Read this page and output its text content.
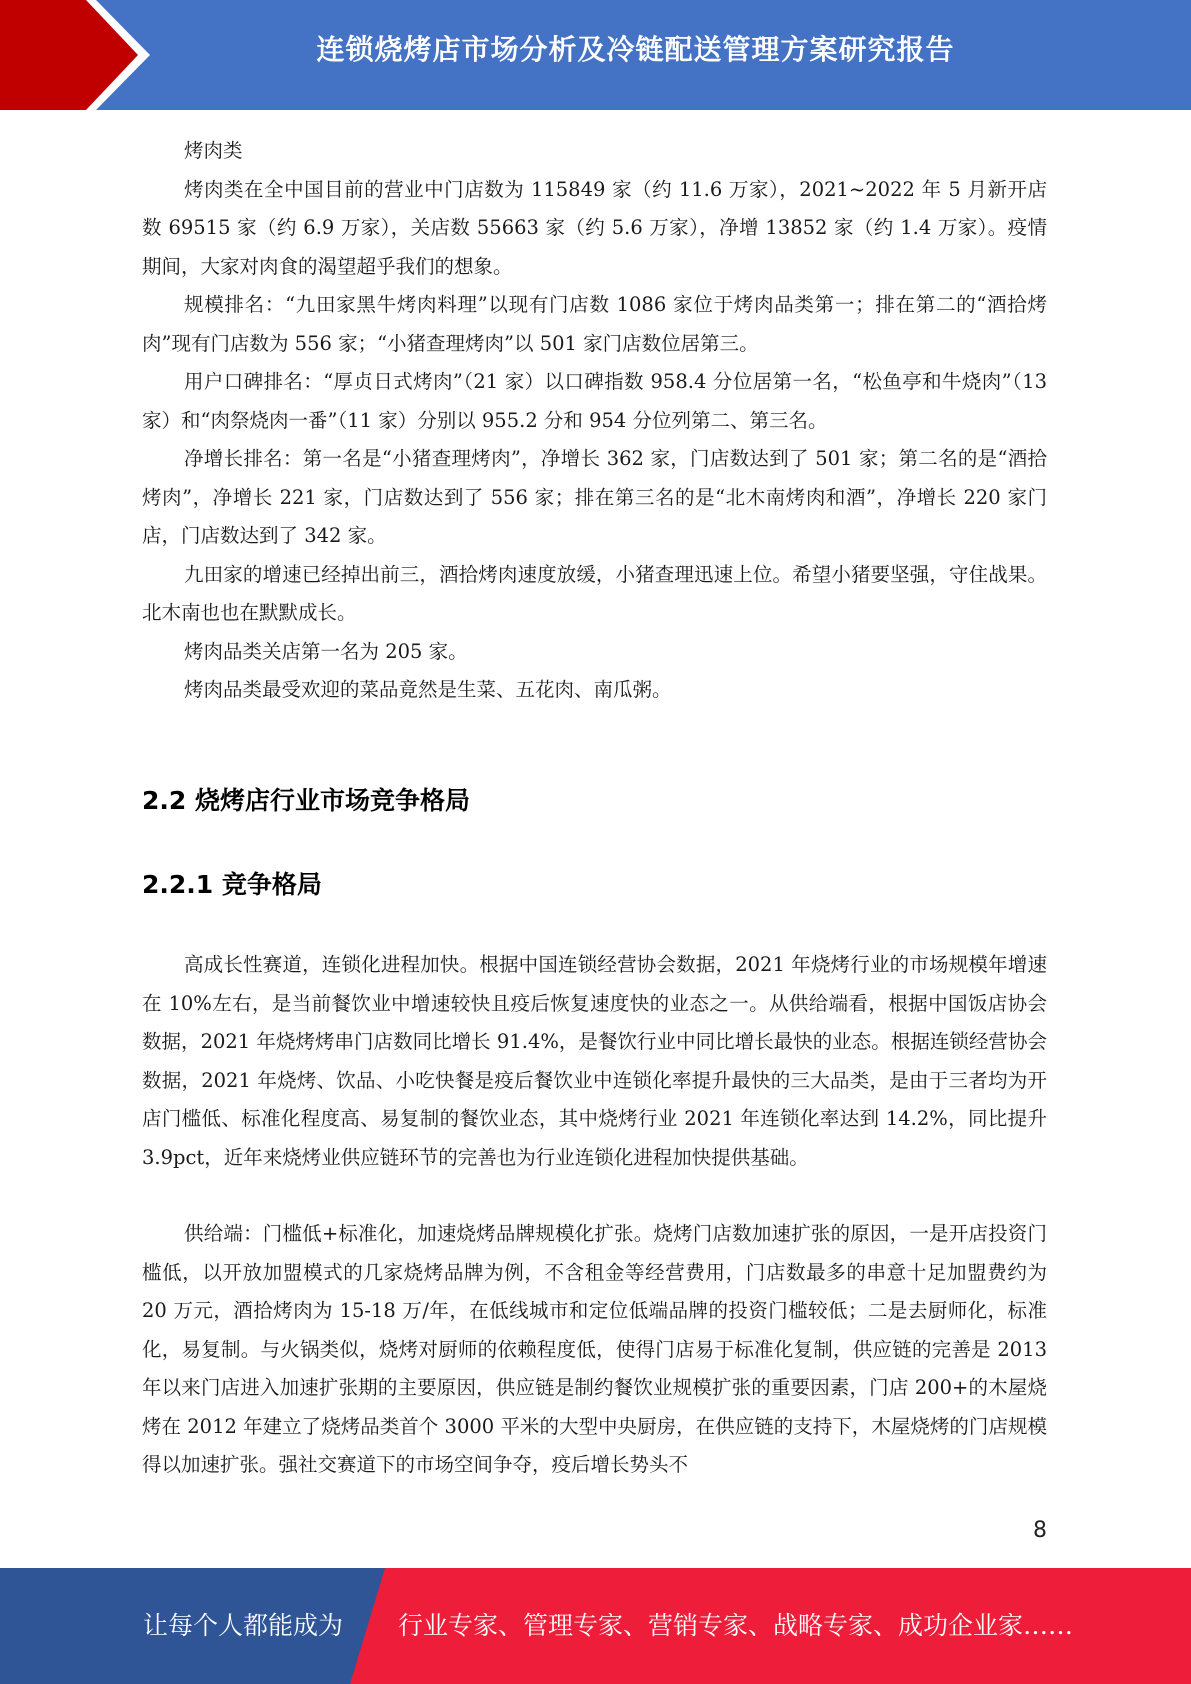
连锁烧烤店市场分析及冷链配送管理方案研究报告

烤肉类

烤肉类在全中国目前的营业中门店数为 115849 家（约 11.6 万家），2021~2022 年 5 月新开店数 69515 家（约 6.9 万家），关店数 55663 家（约 5.6 万家），净增 13852 家（约 1.4 万家）。疫情期间，大家对肉食的渴望超乎我们的想象。

规模排名：“九田家黑牛烤肉料理”以现有门店数 1086 家位于烤肉品类第一；排在第二的“酒拾烤肉”现有门店数为 556 家；“小猪查理烤肉”以 501 家门店数位居第三。

用户口碑排名：“厚贞日式烤肉”（21 家）以口碑指数 958.4 分位居第一名，“松鱼亭和牛烧肉”（13 家）和“肉祭烧肉一番”（11 家）分别以 955.2 分和 954 分位列第二、第三名。

净增长排名：第一名是“小猪查理烤肉”，净增长 362 家，门店数达到了 501 家；第二名的是“酒拾烤肉”，净增长 221 家，门店数达到了 556 家；排在第三名的是“北木南烤肉和酒”，净增长 220 家门店，门店数达到了 342 家。

九田家的增速已经掉出前三，酒拾烤肉速度放缓，小猪查理迅速上位。希望小猪要坚强，守住战果。北木南也也在默默成长。

烤肉品类关店第一名为 205 家。

烤肉品类最受欢迎的菜品竟然是生菜、五花肉、南瓜粥。

2.2 烧烤店行业市场竞争格局
2.2.1 竞争格局

高成长性赛道，连锁化进程加快。根据中国连锁经营协会数据，2021 年烧烤行业的市场规模年增速在 10%左右，是当前餐饮业中增速较快且疫后恢复速度快的业态之一。从供给端看，根据中国饭店协会数据，2021 年烧烤烤串门店数同比增长 91.4%，是餐饮行业中同比增长最快的业态。根据连锁经营协会数据，2021 年烧烤、饮品、小吃快餐是疫后餐饮业中连锁化率提升最快的三大品类，是由于三者均为开店门槛低、标准化程度高、易复制的餐饮业态，其中烧烤行业 2021 年连锁化率达到 14.2%，同比提升 3.9pct，近年来烧烤业供应链环节的完善也为行业连锁化进程加快提供基础。

供给端：门槛低+标准化，加速烧烤品牌规模化扩张。烧烤门店数加速扩张的原因，一是开店投资门槛低，以开放加盟模式的几家烧烤品牌为例，不含租金等经营费用，门店数最多的串意十足加盟费约为 20 万元，酒拾烤肉为 15-18 万/年，在低线城市和定位低端品牌的投资门槛较低；二是去厨师化，标准化，易复制。与火锅类似，烧烤对厨师的依赖程度低，使得门店易于标准化复制，供应链的完善是 2013 年以来门店进入加速扩张期的主要原因，供应链是制约餐饮业规模扩张的重要因素，门店 200+的木屋烧烤在 2012 年建立了烧烤品类首个 3000 平米的大型中央厨房，在供应链的支持下，木屋烧烤的门店规模得以加速扩张。强社交赛道下的市场空间争夺，疫后增长势头不

8
让每个人都能成为 行业专家、管理专家、营销专家、战略专家、成功企业家……
